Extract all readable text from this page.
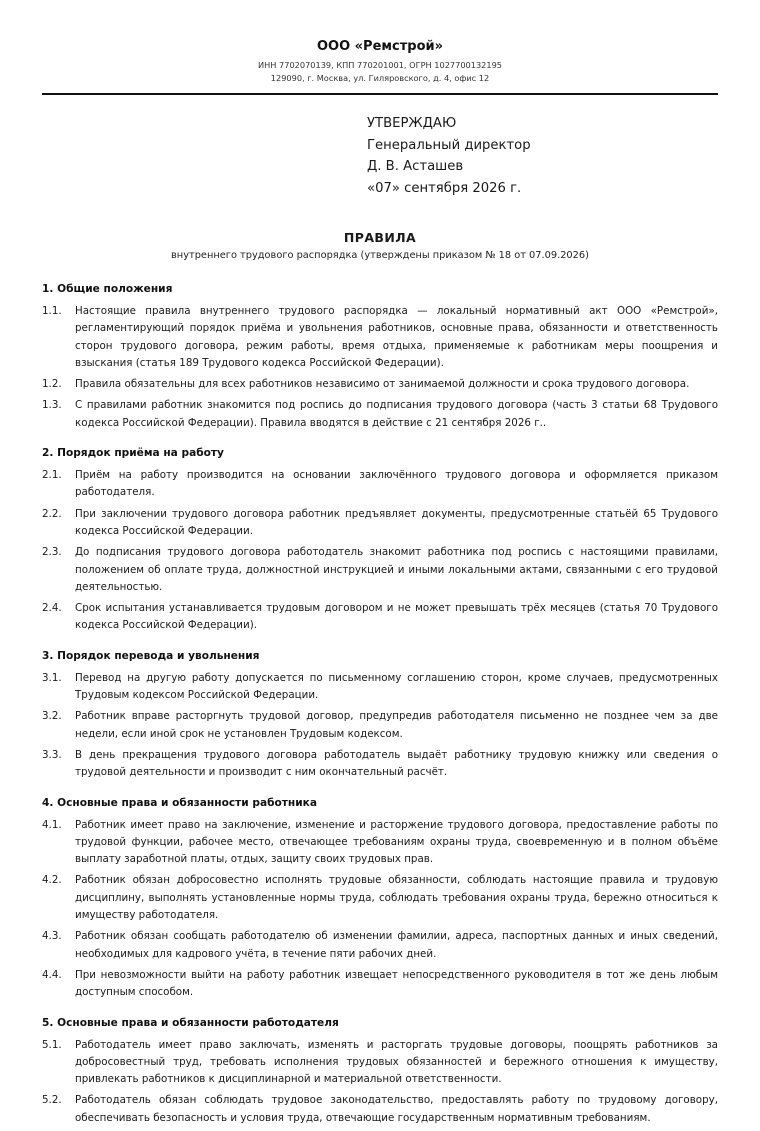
ООО «Ремстрой»
ИНН 7702070139, КПП 770201001, ОГРН 1027700132195
129090, г. Москва, ул. Гиляровского, д. 4, офис 12
УТВЕРЖДАЮ
Генеральный директор
Д. В. Асташев
«07» сентября 2026 г.
ПРАВИЛА
внутреннего трудового распорядка (утверждены приказом № 18 от 07.09.2026)
1. Общие положения
1.1.	Настоящие правила внутреннего трудового распорядка — локальный нормативный акт ООО «Ремстрой», регламентирующий порядок приёма и увольнения работников, основные права, обязанности и ответственность сторон трудового договора, режим работы, время отдыха, применяемые к работникам меры поощрения и взыскания (статья 189 Трудового кодекса Российской Федерации).
1.2.	Правила обязательны для всех работников независимо от занимаемой должности и срока трудового договора.
1.3.	С правилами работник знакомится под роспись до подписания трудового договора (часть 3 статьи 68 Трудового кодекса Российской Федерации). Правила вводятся в действие с 21 сентября 2026 г..
2. Порядок приёма на работу
2.1.	Приём на работу производится на основании заключённого трудового договора и оформляется приказом работодателя.
2.2.	При заключении трудового договора работник предъявляет документы, предусмотренные статьёй 65 Трудового кодекса Российской Федерации.
2.3.	До подписания трудового договора работодатель знакомит работника под роспись с настоящими правилами, положением об оплате труда, должностной инструкцией и иными локальными актами, связанными с его трудовой деятельностью.
2.4.	Срок испытания устанавливается трудовым договором и не может превышать трёх месяцев (статья 70 Трудового кодекса Российской Федерации).
3. Порядок перевода и увольнения
3.1.	Перевод на другую работу допускается по письменному соглашению сторон, кроме случаев, предусмотренных Трудовым кодексом Российской Федерации.
3.2.	Работник вправе расторгнуть трудовой договор, предупредив работодателя письменно не позднее чем за две недели, если иной срок не установлен Трудовым кодексом.
3.3.	В день прекращения трудового договора работодатель выдаёт работнику трудовую книжку или сведения о трудовой деятельности и производит с ним окончательный расчёт.
4. Основные права и обязанности работника
4.1.	Работник имеет право на заключение, изменение и расторжение трудового договора, предоставление работы по трудовой функции, рабочее место, отвечающее требованиям охраны труда, своевременную и в полном объёме выплату заработной платы, отдых, защиту своих трудовых прав.
4.2.	Работник обязан добросовестно исполнять трудовые обязанности, соблюдать настоящие правила и трудовую дисциплину, выполнять установленные нормы труда, соблюдать требования охраны труда, бережно относиться к имуществу работодателя.
4.3.	Работник обязан сообщать работодателю об изменении фамилии, адреса, паспортных данных и иных сведений, необходимых для кадрового учёта, в течение пяти рабочих дней.
4.4.	При невозможности выйти на работу работник извещает непосредственного руководителя в тот же день любым доступным способом.
5. Основные права и обязанности работодателя
5.1.	Работодатель имеет право заключать, изменять и расторгать трудовые договоры, поощрять работников за добросовестный труд, требовать исполнения трудовых обязанностей и бережного отношения к имуществу, привлекать работников к дисциплинарной и материальной ответственности.
5.2.	Работодатель обязан соблюдать трудовое законодательство, предоставлять работу по трудовому договору, обеспечивать безопасность и условия труда, отвечающие государственным нормативным требованиям.
